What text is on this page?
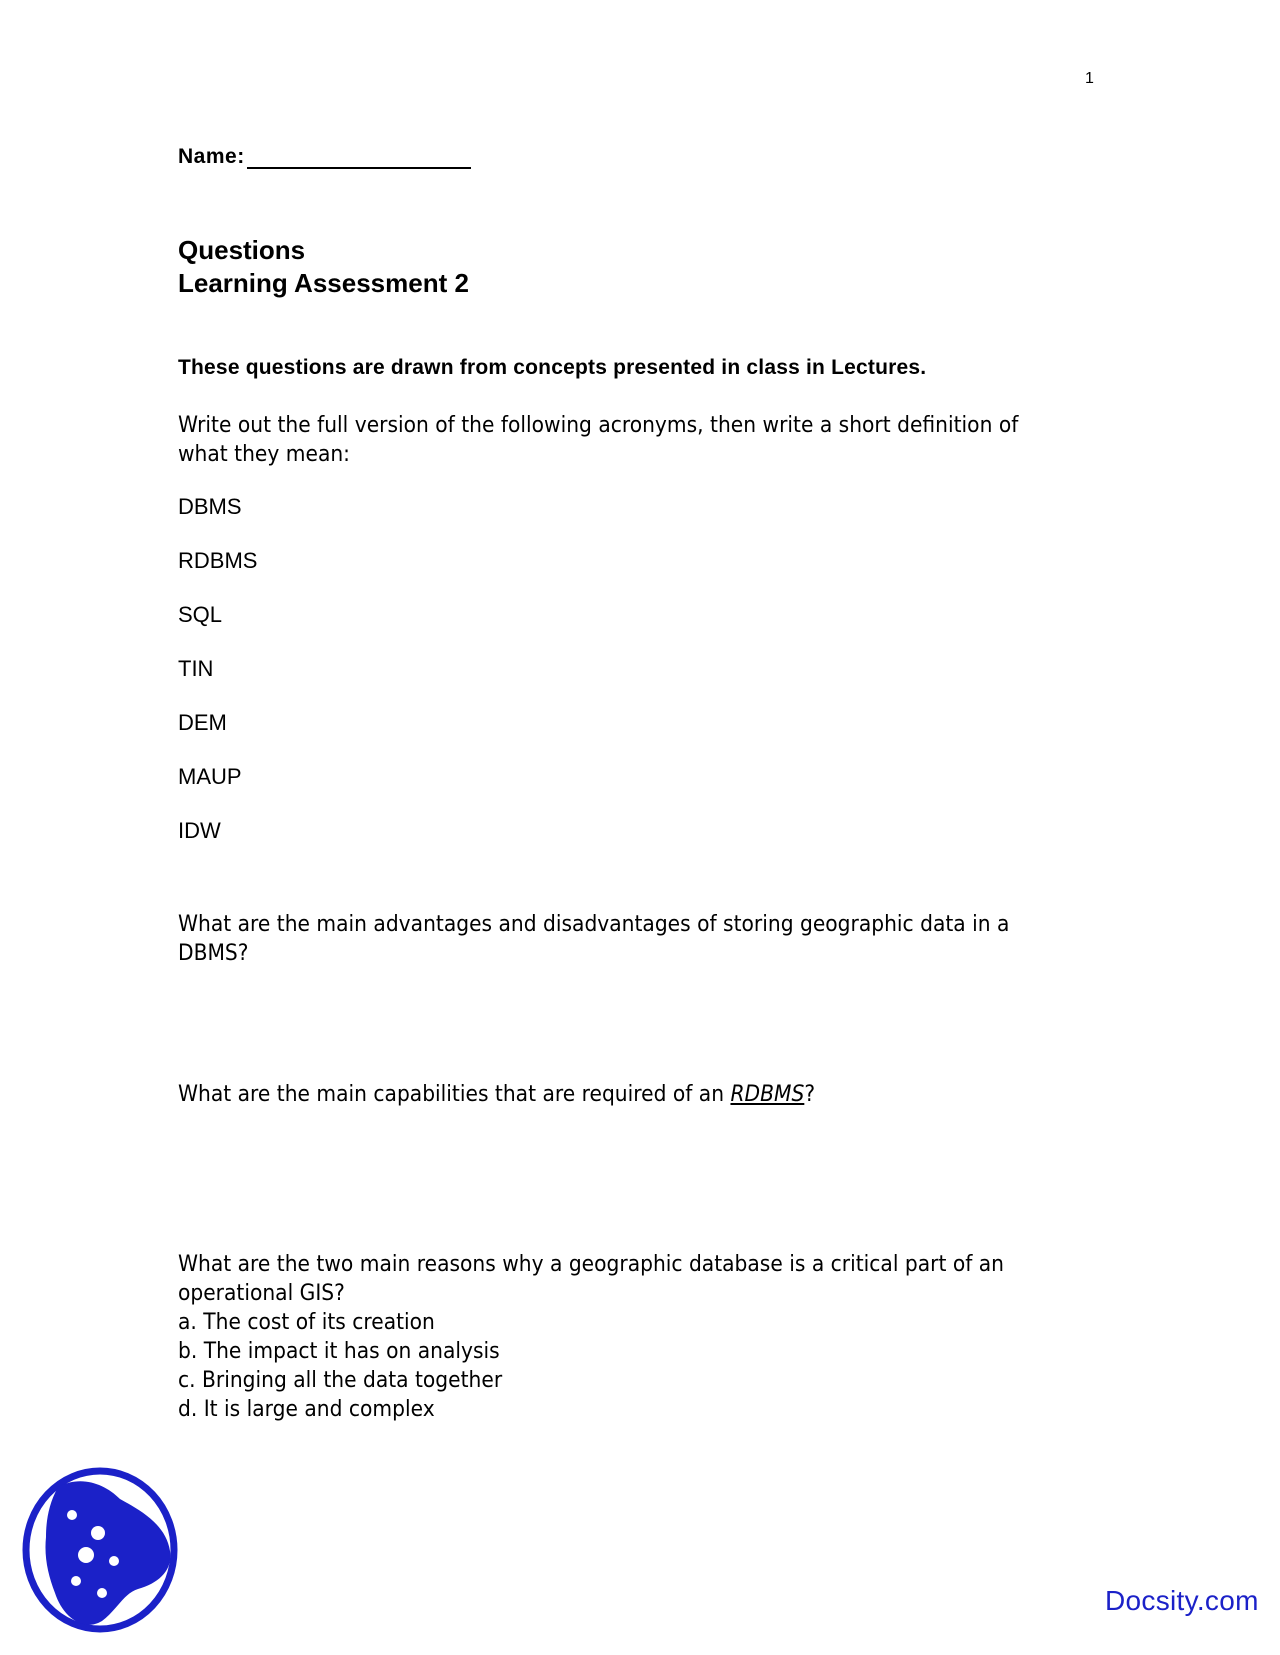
1
Name:
Questions
Learning Assessment 2
These questions are drawn from concepts presented in class in Lectures.
Write out the full version of the following acronyms, then write a short definition of
what they mean:
DBMS
RDBMS
SQL
TIN
DEM
MAUP
IDW
What are the main advantages and disadvantages of storing geographic data in a
DBMS?
What are the main capabilities that are required of an RDBMS?
What are the two main reasons why a geographic database is a critical part of an
operational GIS?
a. The cost of its creation
b. The impact it has on analysis
c. Bringing all the data together
d. It is large and complex
Docsity.com
